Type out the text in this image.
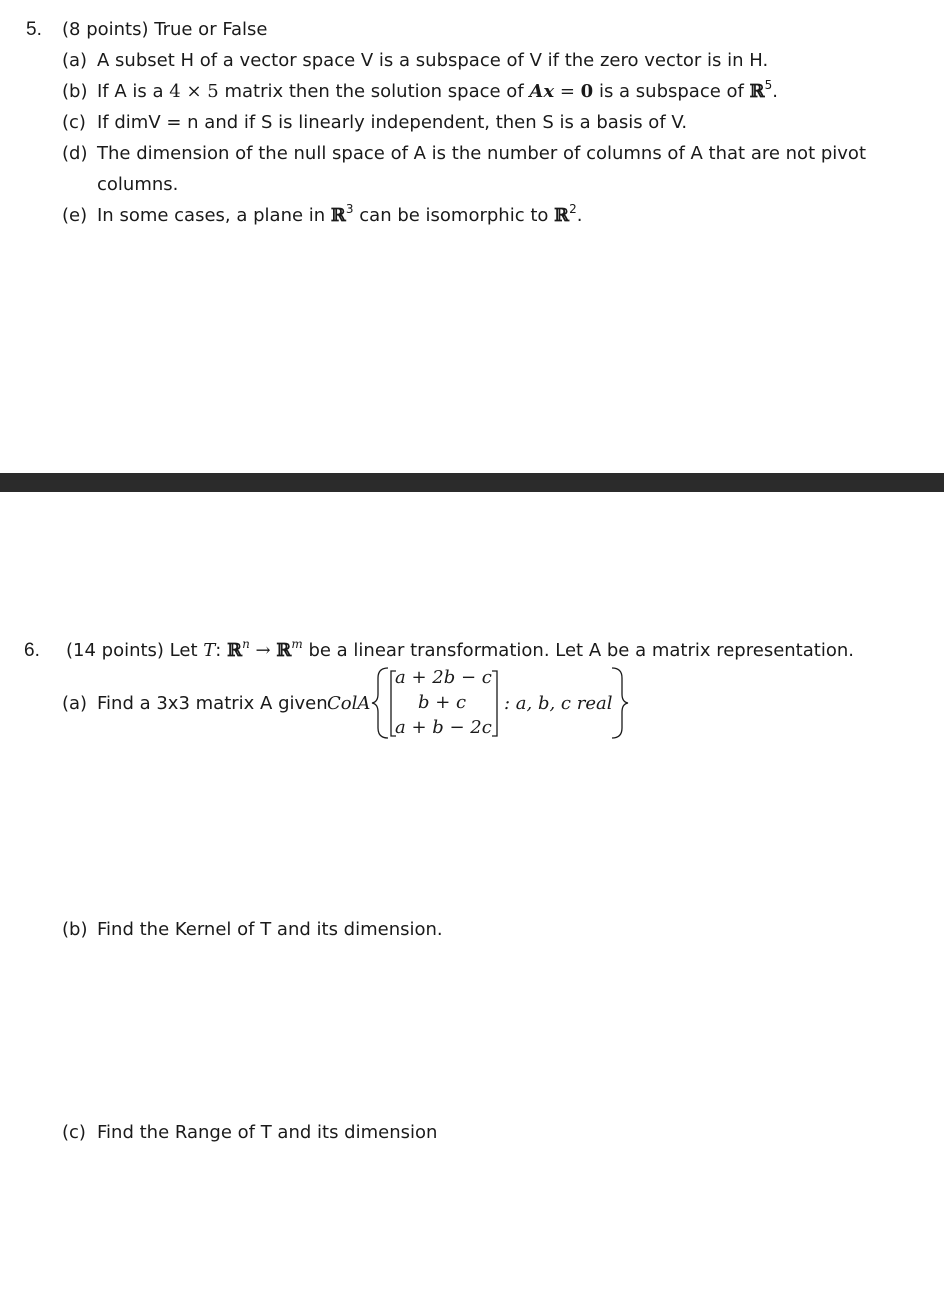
5. (8 points) True or False
(a) A subset H of a vector space V is a subspace of V if the zero vector is in H.
(b) If A is a 4 × 5 matrix then the solution space of Ax = 0 is a subspace of ℝ$^5$.
(c) If dimV = n and if S is linearly independent, then S is a basis of V.
(d) The dimension of the null space of A is the number of columns of A that are not pivot
columns.
(e) In some cases, a plane in ℝ$^3$ can be isomorphic to ℝ$^2$.
6. (14 points) Let T: ℝ$^n$ → ℝ$^m$ be a linear transformation. Let A be a matrix representation.
(a) Find a 3x3 matrix A given ColA
a + 2b − c
b + c
a + b − 2c
: a, b, c real
(b) Find the Kernel of T and its dimension.
(c) Find the Range of T and its dimension
